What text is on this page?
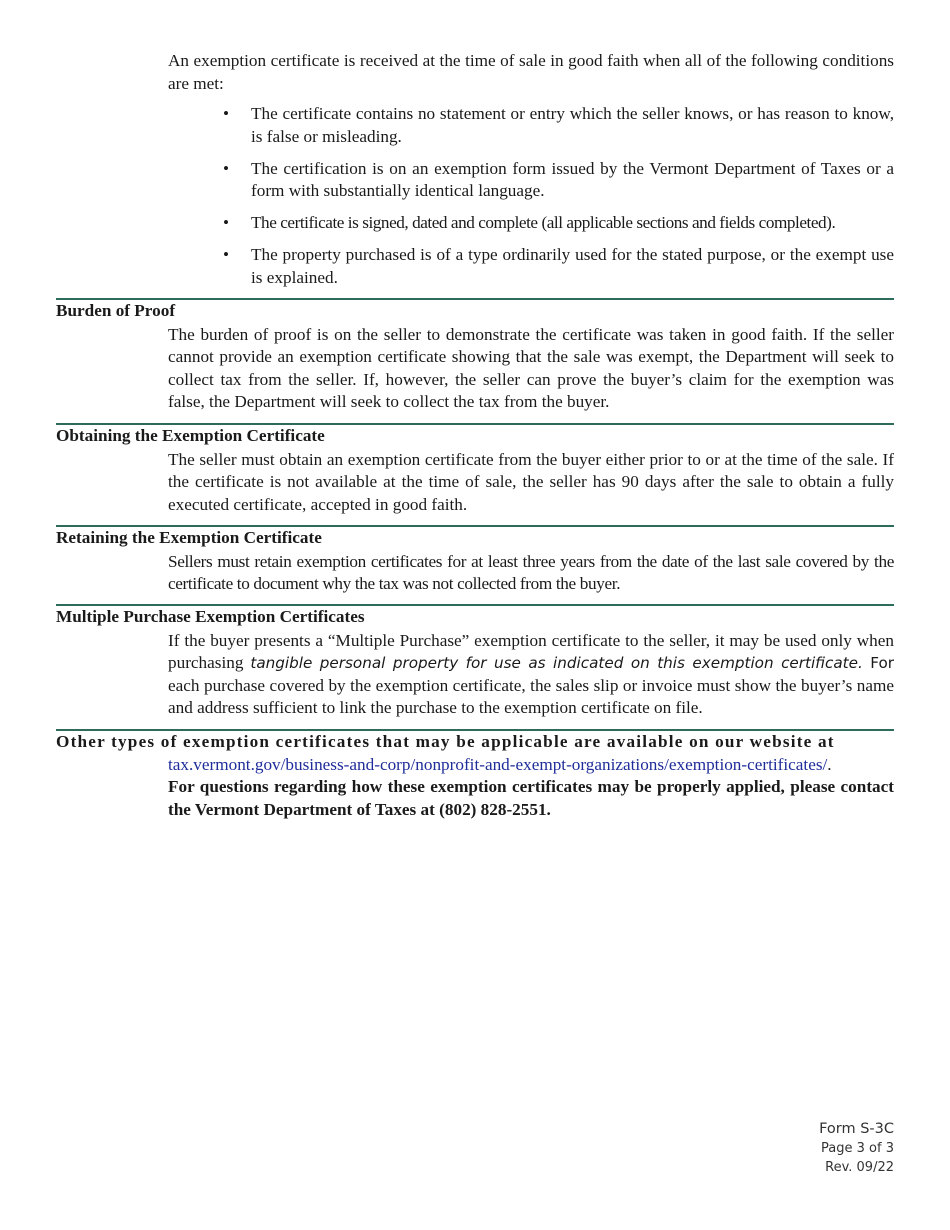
An exemption certificate is received at the time of sale in good faith when all of the following conditions are met:

• The certificate contains no statement or entry which the seller knows, or has reason to know, is false or misleading.
• The certification is on an exemption form issued by the Vermont Department of Taxes or a form with substantially identical language.
• The certificate is signed, dated and complete (all applicable sections and fields completed).
• The property purchased is of a type ordinarily used for the stated purpose, or the exempt use is explained.
Burden of Proof
The burden of proof is on the seller to demonstrate the certificate was taken in good faith. If the seller cannot provide an exemption certificate showing that the sale was exempt, the Department will seek to collect tax from the seller. If, however, the seller can prove the buyer’s claim for the exemption was false, the Department will seek to collect the tax from the buyer.
Obtaining the Exemption Certificate
The seller must obtain an exemption certificate from the buyer either prior to or at the time of the sale. If the certificate is not available at the time of sale, the seller has 90 days after the sale to obtain a fully executed certificate, accepted in good faith.
Retaining the Exemption Certificate
Sellers must retain exemption certificates for at least three years from the date of the last sale covered by the certificate to document why the tax was not collected from the buyer.
Multiple Purchase Exemption Certificates
If the buyer presents a “Multiple Purchase” exemption certificate to the seller, it may be used only when purchasing tangible personal property for use as indicated on this exemption certificate. For each purchase covered by the exemption certificate, the sales slip or invoice must show the buyer’s name and address sufficient to link the purchase to the exemption certificate on file.

Other types of exemption certificates that may be applicable are available on our website at

tax.vermont.gov/business-and-corp/nonprofit-and-exempt-organizations/exemption-certificates/.

For questions regarding how these exemption certificates may be properly applied, please contact the Vermont Department of Taxes at (802) 828-2551.

Form S-3C
Page 3 of 3
Rev. 09/22
